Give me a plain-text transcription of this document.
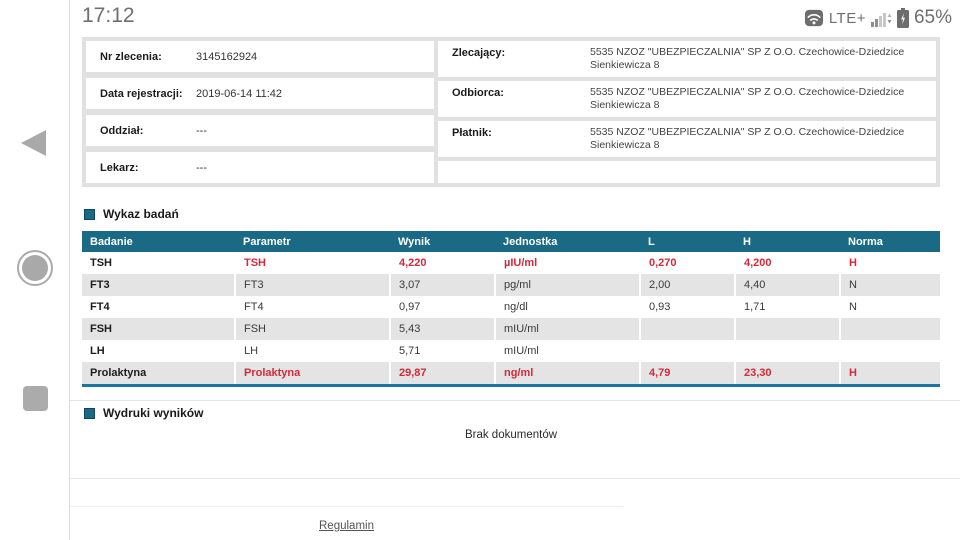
17:12	LTE+	65%
Nr zlecenia:	3145162924
Data rejestracji: 2019-06-14 11:42
Oddział:	---
Lekarz:	---
Zlecający:	5535 NZOZ "UBEZPIECZALNIA" SP Z O.O. Czechowice-Dziedzice Sienkiewicza 8
Odbiorca:	5535 NZOZ "UBEZPIECZALNIA" SP Z O.O. Czechowice-Dziedzice Sienkiewicza 8
Płatnik:	5535 NZOZ "UBEZPIECZALNIA" SP Z O.O. Czechowice-Dziedzice Sienkiewicza 8
Wykaz badań
Badanie	Parametr	Wynik	Jednostka	L	H	Norma
TSH	TSH	4,220	µIU/ml	0,270	4,200	H
FT3	FT3	3,07	pg/ml	2,00	4,40	N
FT4	FT4	0,97	ng/dl	0,93	1,71	N
FSH	FSH	5,43	mIU/ml			
LH	LH	5,71	mIU/ml			
Prolaktyna	Prolaktyna	29,87	ng/ml	4,79	23,30	H
Wydruki wyników
Brak dokumentów
Regulamin
